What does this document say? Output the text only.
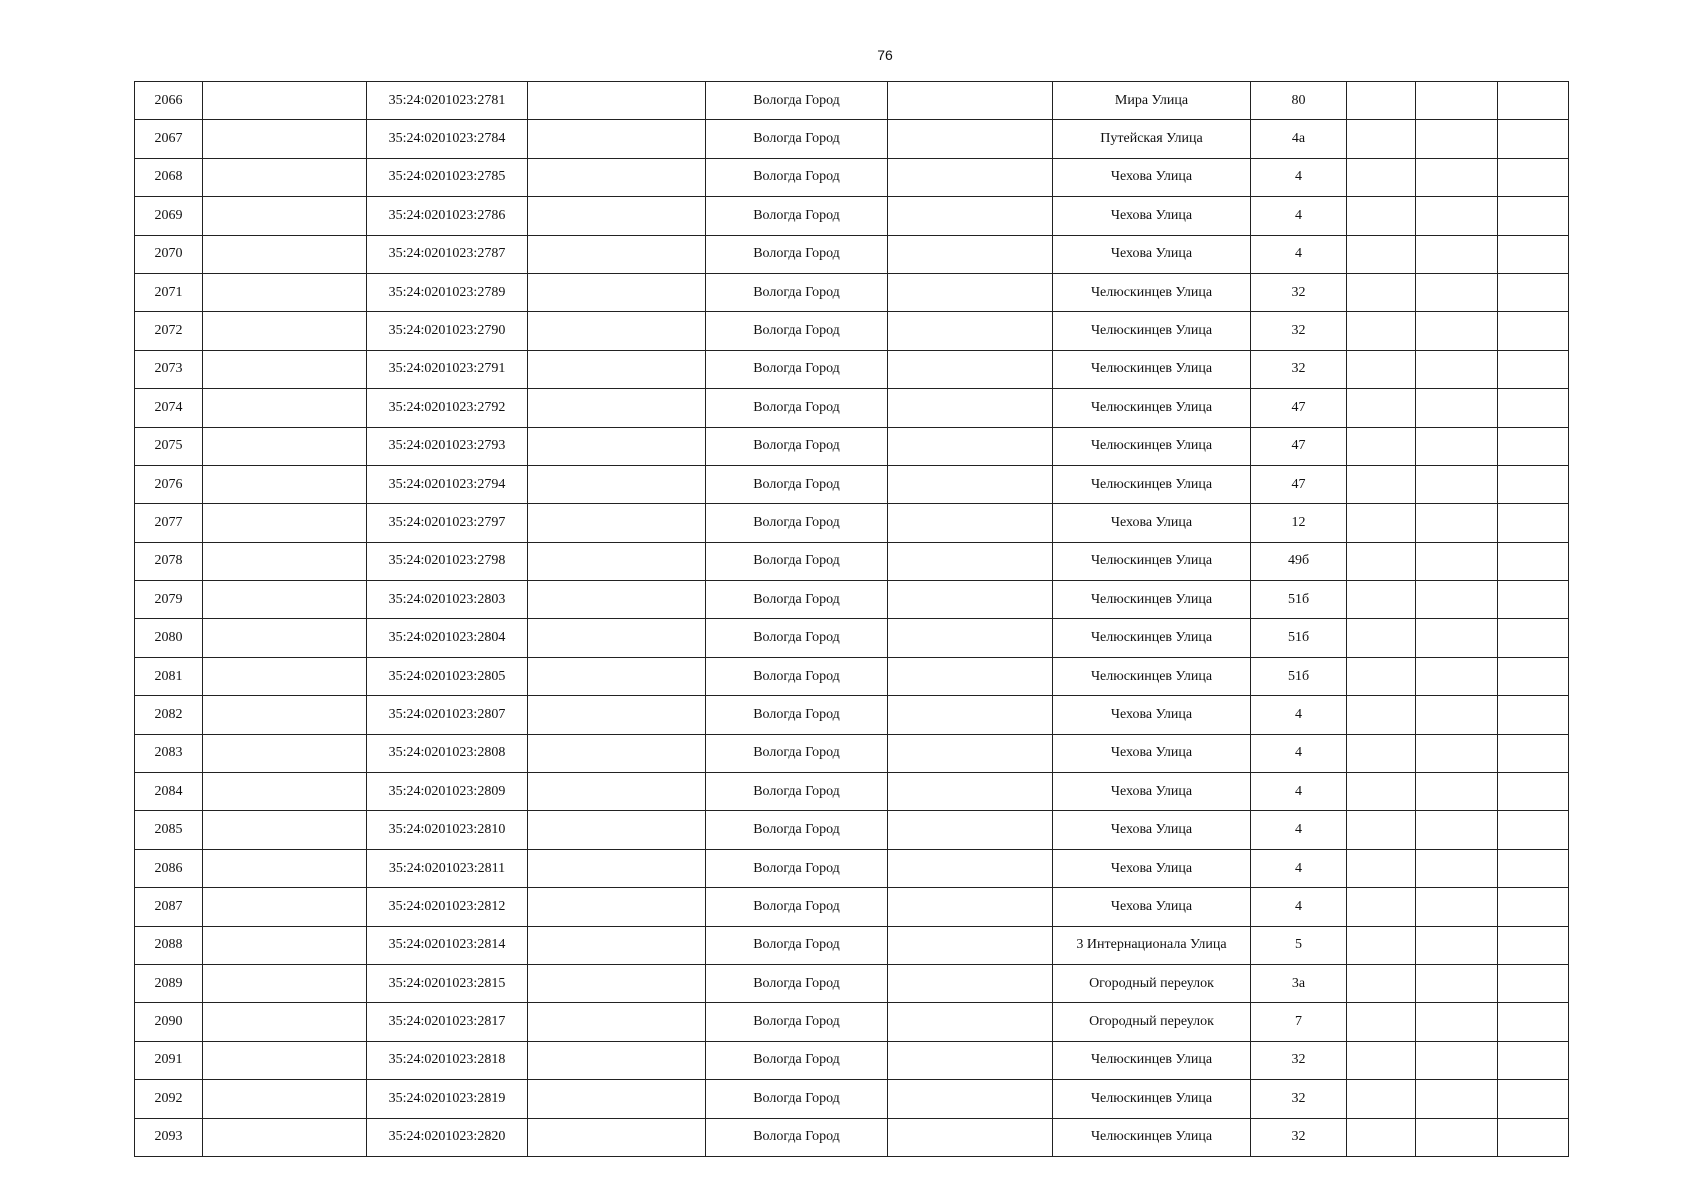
76
2066		35:24:0201023:2781		Вологда Город		Мира Улица	80			
2067		35:24:0201023:2784		Вологда Город		Путейская Улица	4а			
2068		35:24:0201023:2785		Вологда Город		Чехова Улица	4			
2069		35:24:0201023:2786		Вологда Город		Чехова Улица	4			
2070		35:24:0201023:2787		Вологда Город		Чехова Улица	4			
2071		35:24:0201023:2789		Вологда Город		Челюскинцев Улица	32			
2072		35:24:0201023:2790		Вологда Город		Челюскинцев Улица	32			
2073		35:24:0201023:2791		Вологда Город		Челюскинцев Улица	32			
2074		35:24:0201023:2792		Вологда Город		Челюскинцев Улица	47			
2075		35:24:0201023:2793		Вологда Город		Челюскинцев Улица	47			
2076		35:24:0201023:2794		Вологда Город		Челюскинцев Улица	47			
2077		35:24:0201023:2797		Вологда Город		Чехова Улица	12			
2078		35:24:0201023:2798		Вологда Город		Челюскинцев Улица	49б			
2079		35:24:0201023:2803		Вологда Город		Челюскинцев Улица	51б			
2080		35:24:0201023:2804		Вологда Город		Челюскинцев Улица	51б			
2081		35:24:0201023:2805		Вологда Город		Челюскинцев Улица	51б			
2082		35:24:0201023:2807		Вологда Город		Чехова Улица	4			
2083		35:24:0201023:2808		Вологда Город		Чехова Улица	4			
2084		35:24:0201023:2809		Вологда Город		Чехова Улица	4			
2085		35:24:0201023:2810		Вологда Город		Чехова Улица	4			
2086		35:24:0201023:2811		Вологда Город		Чехова Улица	4			
2087		35:24:0201023:2812		Вологда Город		Чехова Улица	4			
2088		35:24:0201023:2814		Вологда Город		3 Интернационала Улица	5			
2089		35:24:0201023:2815		Вологда Город		Огородный переулок	3а			
2090		35:24:0201023:2817		Вологда Город		Огородный переулок	7			
2091		35:24:0201023:2818		Вологда Город		Челюскинцев Улица	32			
2092		35:24:0201023:2819		Вологда Город		Челюскинцев Улица	32			
2093		35:24:0201023:2820		Вологда Город		Челюскинцев Улица	32			
